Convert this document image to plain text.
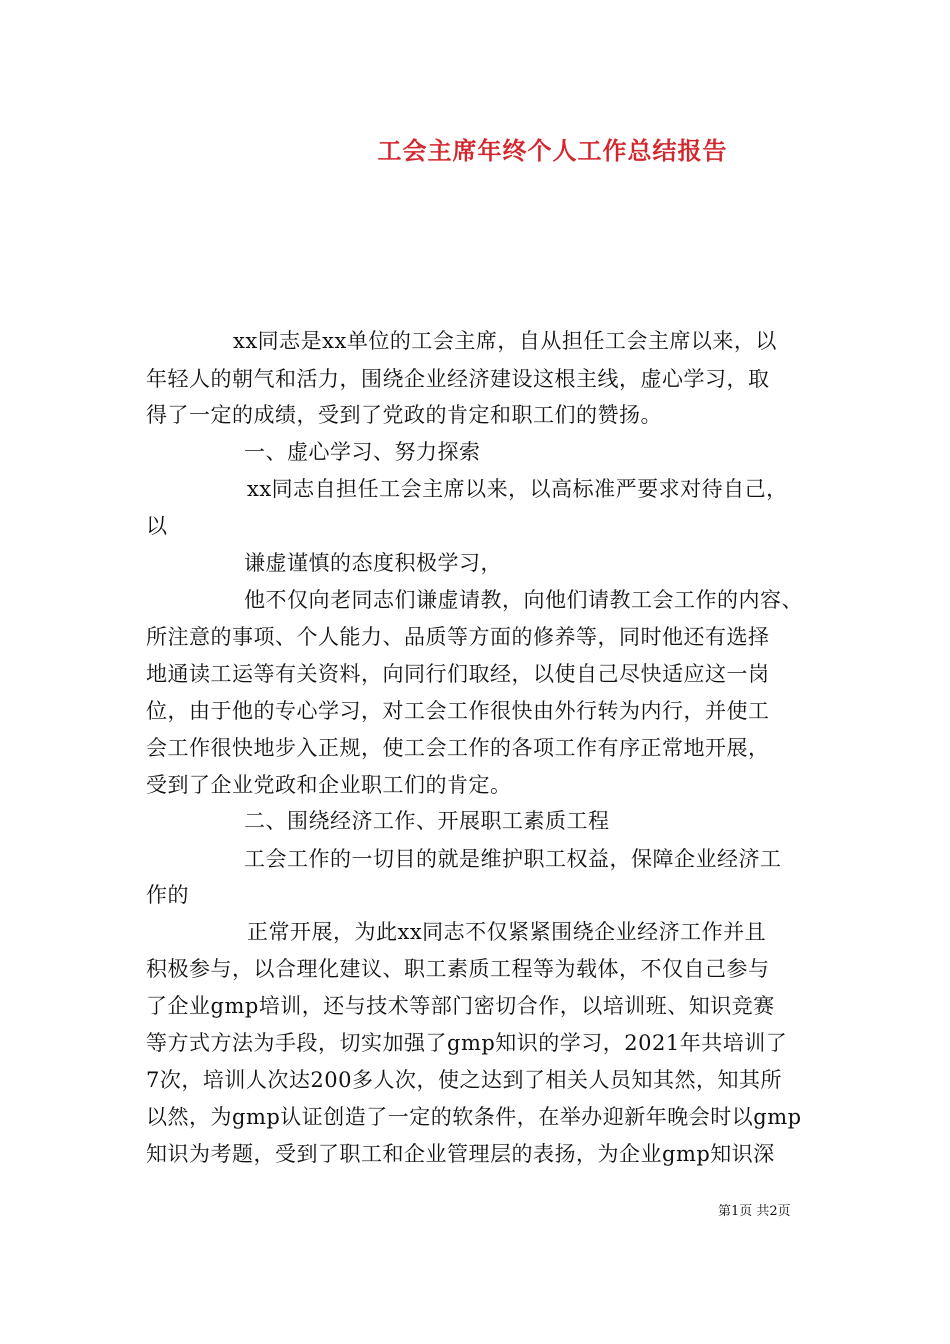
工会主席年终个人工作总结报告
xx同志是xx单位的工会主席，自从担任工会主席以来，以
年轻人的朝气和活力，围绕企业经济建设这根主线，虚心学习，取
得了一定的成绩，受到了党政的肯定和职工们的赞扬。
一、虚心学习、努力探索
xx同志自担任工会主席以来，以高标准严要求对待自己，
以
谦虚谨慎的态度积极学习，
他不仅向老同志们谦虚请教，向他们请教工会工作的内容、
所注意的事项、个人能力、品质等方面的修养等，同时他还有选择
地通读工运等有关资料，向同行们取经，以使自己尽快适应这一岗
位，由于他的专心学习，对工会工作很快由外行转为内行，并使工
会工作很快地步入正规，使工会工作的各项工作有序正常地开展，
受到了企业党政和企业职工们的肯定。
二、围绕经济工作、开展职工素质工程
工会工作的一切目的就是维护职工权益，保障企业经济工
作的
正常开展，为此xx同志不仅紧紧围绕企业经济工作并且
积极参与，以合理化建议、职工素质工程等为载体，不仅自己参与
了企业gmp培训，还与技术等部门密切合作，以培训班、知识竞赛
等方式方法为手段，切实加强了gmp知识的学习，2021年共培训了
7次，培训人次达200多人次，使之达到了相关人员知其然，知其所
以然，为gmp认证创造了一定的软条件，在举办迎新年晚会时以gmp
知识为考题，受到了职工和企业管理层的表扬，为企业gmp知识深
第1页 共2页
